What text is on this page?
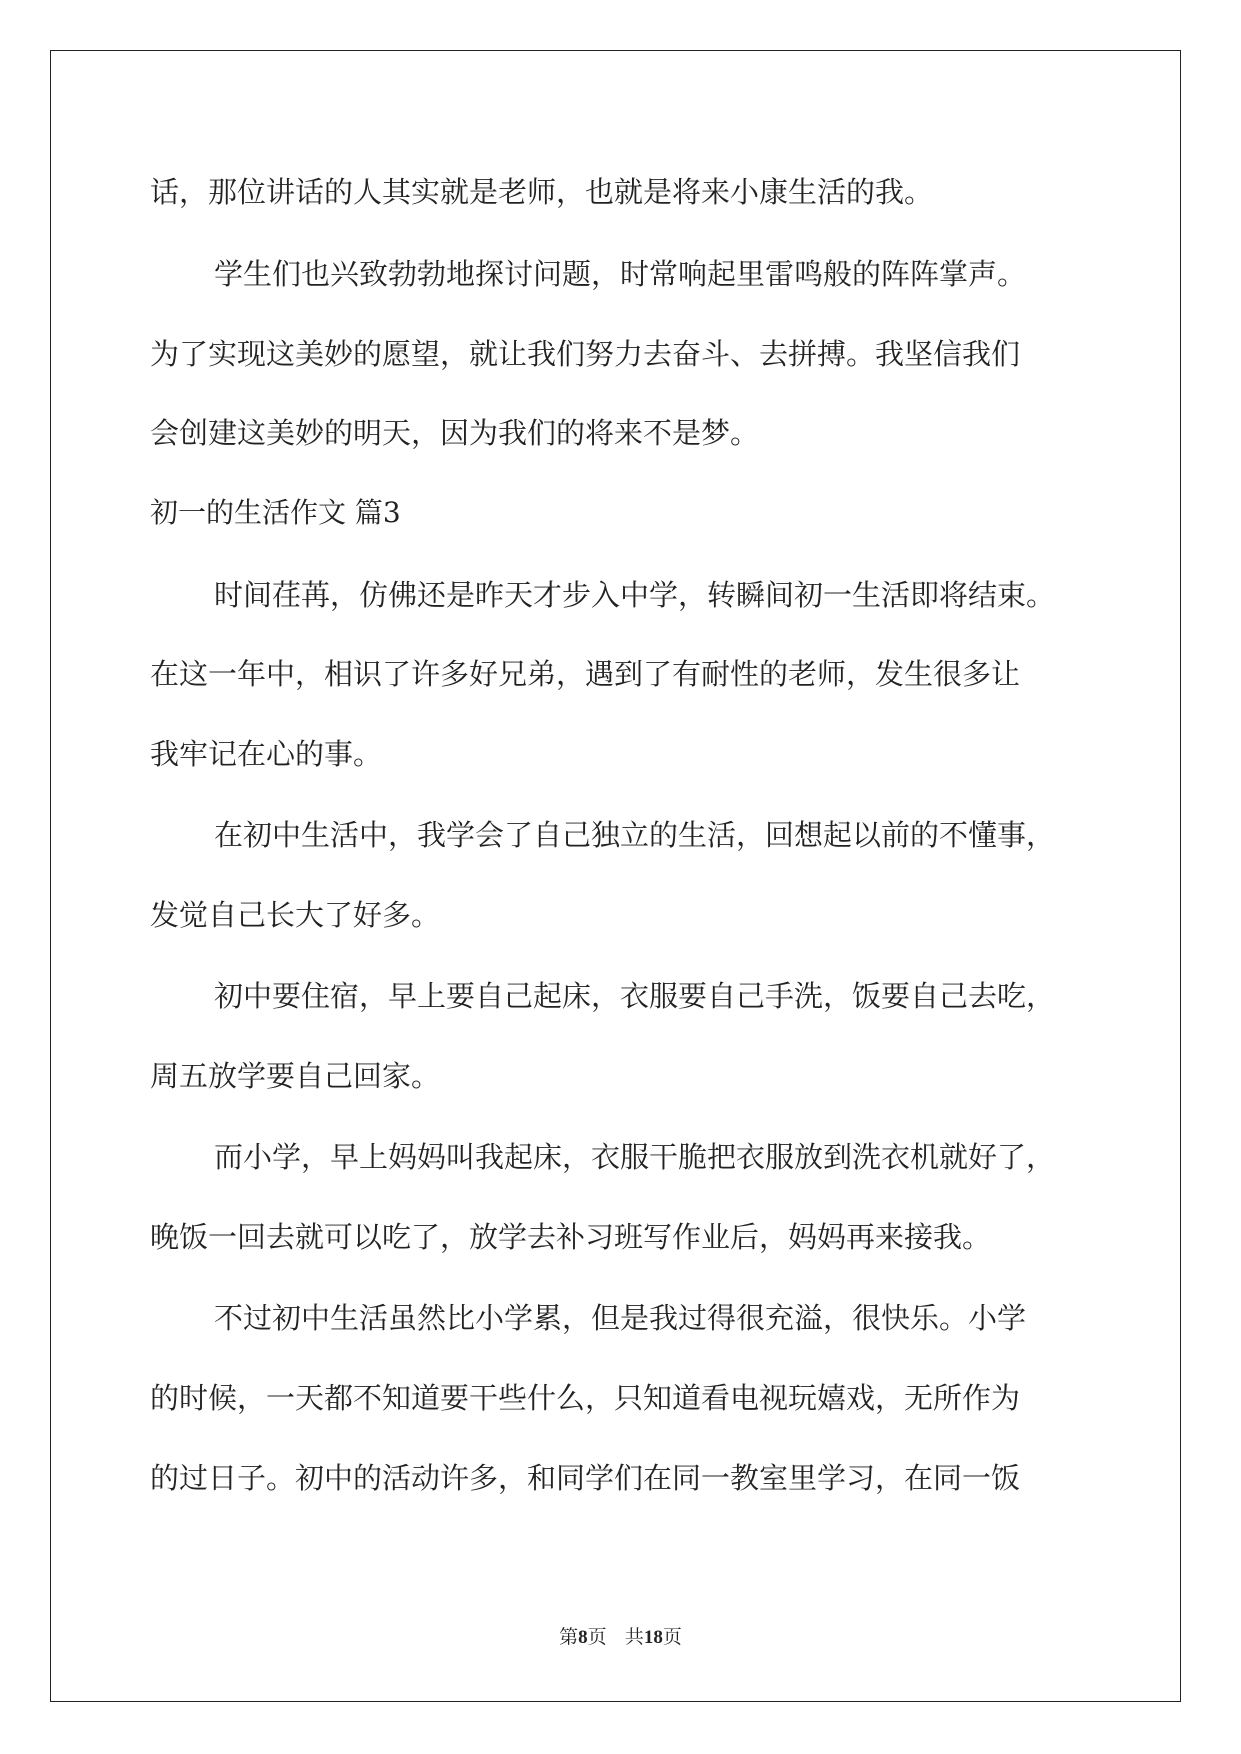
话，那位讲话的人其实就是老师，也就是将来小康生活的我。

学生们也兴致勃勃地探讨问题，时常响起里雷鸣般的阵阵掌声。

为了实现这美妙的愿望，就让我们努力去奋斗、去拼搏。我坚信我们

会创建这美妙的明天，因为我们的将来不是梦。

初一的生活作文 篇3

时间荏苒，仿佛还是昨天才步入中学，转瞬间初一生活即将结束。

在这一年中，相识了许多好兄弟，遇到了有耐性的老师，发生很多让

我牢记在心的事。

在初中生活中，我学会了自己独立的生活，回想起以前的不懂事，

发觉自己长大了好多。

初中要住宿，早上要自己起床，衣服要自己手洗，饭要自己去吃，

周五放学要自己回家。

而小学，早上妈妈叫我起床，衣服干脆把衣服放到洗衣机就好了，

晚饭一回去就可以吃了，放学去补习班写作业后，妈妈再来接我。

不过初中生活虽然比小学累，但是我过得很充溢，很快乐。小学

的时候，一天都不知道要干些什么，只知道看电视玩嬉戏，无所作为

的过日子。初中的活动许多，和同学们在同一教室里学习，在同一饭

第8页 共18页
